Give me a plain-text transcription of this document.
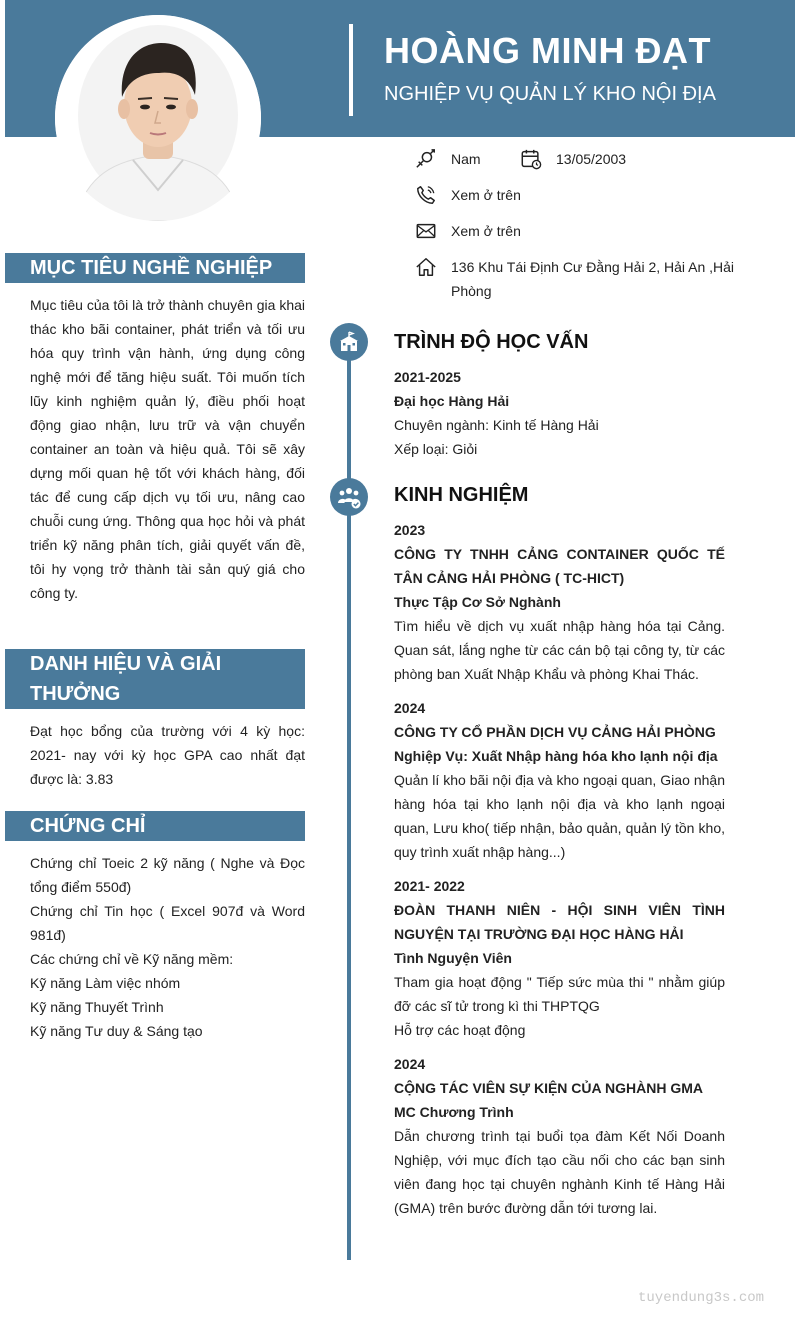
HOÀNG MINH ĐẠT
NGHIỆP VỤ QUẢN LÝ KHO NỘI ĐỊA
Nam	13/05/2003
Xem ở trên
Xem ở trên
136 Khu Tái Định Cư Đằng Hải 2, Hải An ,Hải
Phòng
MỤC TIÊU NGHỀ NGHIỆP
Mục tiêu của tôi là trở thành chuyên gia khai thác kho bãi container, phát triển và tối ưu hóa quy trình vận hành, ứng dụng công nghệ mới để tăng hiệu suất. Tôi muốn tích lũy kinh nghiệm quản lý, điều phối hoạt động giao nhận, lưu trữ và vận chuyển container an toàn và hiệu quả. Tôi sẽ xây dựng mối quan hệ tốt với khách hàng, đối tác để cung cấp dịch vụ tối ưu, nâng cao chuỗi cung ứng. Thông qua học hỏi và phát triển kỹ năng phân tích, giải quyết vấn đề, tôi hy vọng trở thành tài sản quý giá cho công ty.
DANH HIỆU VÀ GIẢI
THƯỞNG
Đạt học bổng của trường với 4 kỳ học: 2021- nay với kỳ học GPA cao nhất đạt được là: 3.83
CHỨNG CHỈ
Chứng chỉ Toeic 2 kỹ năng ( Nghe và Đọc tổng điểm 550đ)
Chứng chỉ Tin học ( Excel 907đ và Word 981đ)
Các chứng chỉ về Kỹ năng mềm:
Kỹ năng Làm việc nhóm
Kỹ năng Thuyết Trình
Kỹ năng Tư duy & Sáng tạo
TRÌNH ĐỘ HỌC VẤN
2021-2025
Đại học Hàng Hải
Chuyên ngành: Kinh tế Hàng Hải
Xếp loại: Giỏi
KINH NGHIỆM
2023
CÔNG TY TNHH CẢNG CONTAINER QUỐC TẾ TÂN CẢNG HẢI PHÒNG ( TC-HICT)
Thực Tập Cơ Sở Nghành
Tìm hiểu về dịch vụ xuất nhập hàng hóa tại Cảng. Quan sát, lắng nghe từ các cán bộ tại công ty, từ các phòng ban Xuất Nhập Khẩu và phòng Khai Thác.
2024
CÔNG TY CỔ PHẦN DỊCH VỤ CẢNG HẢI PHÒNG
Nghiệp Vụ: Xuất Nhập hàng hóa kho lạnh nội địa
Quản lí kho bãi nội địa và kho ngoại quan, Giao nhận hàng hóa tại kho lạnh nội địa và kho lạnh ngoại quan, Lưu kho( tiếp nhận, bảo quản, quản lý tồn kho, quy trình xuất nhập hàng...)
2021- 2022
ĐOÀN THANH NIÊN - HỘI SINH VIÊN TÌNH NGUYỆN TẠI TRƯỜNG ĐẠI HỌC HÀNG HẢI
Tình Nguyện Viên
Tham gia hoạt động " Tiếp sức mùa thi " nhằm giúp đỡ các sĩ tử trong kì thi THPTQG
Hỗ trợ các hoạt động
2024
CỘNG TÁC VIÊN SỰ KIỆN CỦA NGHÀNH GMA
MC Chương Trình
Dẫn chương trình tại buổi tọa đàm Kết Nối Doanh Nghiệp, với mục đích tạo cầu nối cho các bạn sinh viên đang học tại chuyên nghành Kinh tế Hàng Hải (GMA) trên bước đường dẫn tới tương lai.
tuyendung3s.com
